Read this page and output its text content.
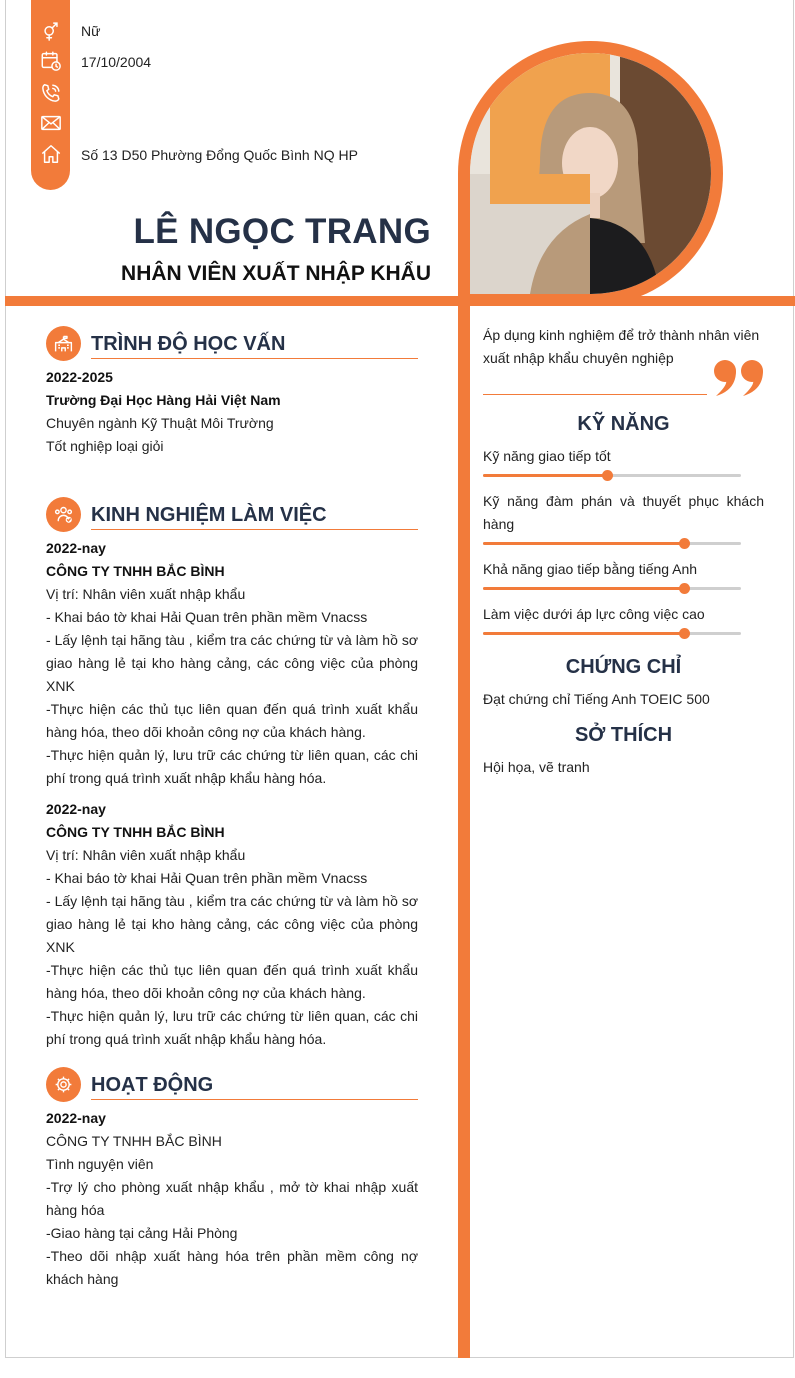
Nữ
17/10/2004
Số 13 D50 Phường Đổng Quốc Bình NQ HP
LÊ NGỌC TRANG
NHÂN VIÊN XUẤT NHẬP KHẨU
TRÌNH ĐỘ HỌC VẤN
2022-2025
Trường Đại Học Hàng Hải Việt Nam
Chuyên ngành Kỹ Thuật Môi Trường
Tốt nghiệp loại giỏi
KINH NGHIỆM LÀM VIỆC
2022-nay
CÔNG TY TNHH BẮC BÌNH
Vị trí: Nhân viên xuất nhập khẩu
- Khai báo tờ khai Hải Quan trên phần mềm Vnacss
- Lấy lệnh tại hãng tàu , kiểm tra các chứng từ và làm hồ sơ giao hàng lẻ tại kho hàng cảng, các công việc của phòng XNK
-Thực hiện các thủ tục liên quan đến quá trình xuất khẩu hàng hóa, theo dõi khoản công nợ của khách hàng.
-Thực hiện quản lý, lưu trữ các chứng từ liên quan, các chi phí trong quá trình xuất nhập khẩu hàng hóa.
2022-nay
CÔNG TY TNHH BẮC BÌNH
Vị trí: Nhân viên xuất nhập khẩu
- Khai báo tờ khai Hải Quan trên phần mềm Vnacss
- Lấy lệnh tại hãng tàu , kiểm tra các chứng từ và làm hồ sơ giao hàng lẻ tại kho hàng cảng, các công việc của phòng XNK
-Thực hiện các thủ tục liên quan đến quá trình xuất khẩu hàng hóa, theo dõi khoản công nợ của khách hàng.
-Thực hiện quản lý, lưu trữ các chứng từ liên quan, các chi phí trong quá trình xuất nhập khẩu hàng hóa.
HOẠT ĐỘNG
2022-nay
CÔNG TY TNHH BẮC BÌNH
Tình nguyện viên
-Trợ lý cho phòng xuất nhập khẩu , mở tờ khai nhập xuất hàng hóa
-Giao hàng tại cảng Hải Phòng
-Theo dõi nhập xuất hàng hóa trên phần mềm công nợ khách hàng
Áp dụng kinh nghiệm để trở thành nhân viên xuất nhập khẩu chuyên nghiệp
KỸ NĂNG
Kỹ năng giao tiếp tốt
Kỹ năng đàm phán và thuyết phục khách hàng
Khả năng giao tiếp bằng tiếng Anh
Làm việc dưới áp lực công việc cao
CHỨNG CHỈ
Đạt chứng chỉ Tiếng Anh TOEIC 500
SỞ THÍCH
Hội họa, vẽ tranh
